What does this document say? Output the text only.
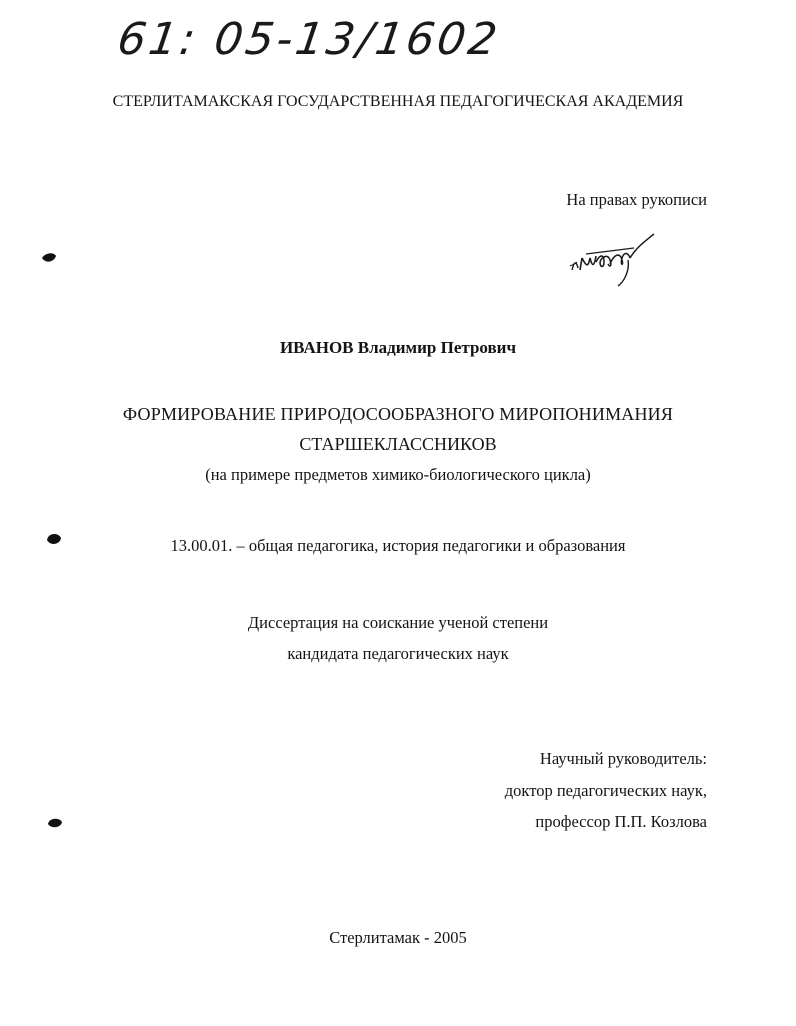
61: 05-13/1602
СТЕРЛИТАМАКСКАЯ ГОСУДАРСТВЕННАЯ ПЕДАГОГИЧЕСКАЯ АКАДЕМИЯ
На правах рукописи
ИВАНОВ Владимир Петрович
ФОРМИРОВАНИЕ ПРИРОДОСООБРАЗНОГО МИРОПОНИМАНИЯ
СТАРШЕКЛАССНИКОВ
(на примере предметов химико-биологического цикла)
13.00.01. – общая педагогика, история педагогики и образования
Диссертация на соискание ученой степени
кандидата педагогических наук
Научный руководитель:
доктор педагогических наук,
профессор П.П. Козлова
Стерлитамак - 2005
